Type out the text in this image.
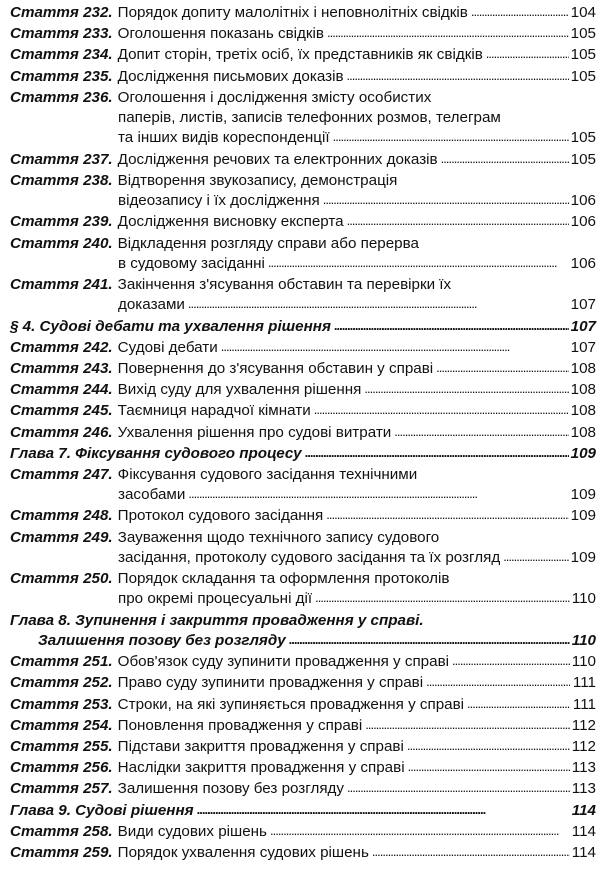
Стаття 232. Порядок допиту малолітніх і неповнолітніх свідків . . .	104
Стаття 233. Оголошення показань свідків . . .	105
Стаття 234. Допит сторін, третіх осіб, їх представників як свідків . . .	105
Стаття 235. Дослідження письмових доказів . . .	105
Стаття 236. Оголошення і дослідження змісту особистих
паперів, листів, записів телефонних розмов, телеграм
та інших видів кореспонденції . . .	105
Стаття 237. Дослідження речових та електронних доказів . . .	105
Стаття 238. Відтворення звукозапису, демонстрація
відеозапису і їх дослідження . . .	106
Стаття 239. Дослідження висновку експерта . . .	106
Стаття 240. Відкладення розгляду справи або перерва
в судовому засіданні . . .	106
Стаття 241. Закінчення з'ясування обставин та перевірки їх
доказами . . .	107
§ 4. Судові дебати та ухвалення рішення . . .	107
Стаття 242. Судові дебати . . .	107
Стаття 243. Повернення до з'ясування обставин у справі . . .	108
Стаття 244. Вихід суду для ухвалення рішення . . .	108
Стаття 245. Таємниця нарадчої кімнати . . .	108
Стаття 246. Ухвалення рішення про судові витрати . . .	108
Глава 7. Фіксування судового процесу . . .	109
Стаття 247. Фіксування судового засідання технічними
засобами . . .	109
Стаття 248. Протокол судового засідання . . .	109
Стаття 249. Зауваження щодо технічного запису судового
засідання, протоколу судового засідання та їх розгляд . . .	109
Стаття 250. Порядок складання та оформлення протоколів
про окремі процесуальні дії . . .	110
Глава 8. Зупинення і закриття провадження у справі.
Залишення позову без розгляду . . .	110
Стаття 251. Обов'язок суду зупинити провадження у справі . . .	110
Стаття 252. Право суду зупинити провадження у справі . . .	111
Стаття 253. Строки, на які зупиняється провадження у справі . . .	111
Стаття 254. Поновлення провадження у справі . . .	112
Стаття 255. Підстави закриття провадження у справі . . .	112
Стаття 256. Наслідки закриття провадження у справі . . .	113
Стаття 257. Залишення позову без розгляду . . .	113
Глава 9. Судові рішення . . .	114
Стаття 258. Види судових рішень . . .	114
Стаття 259. Порядок ухвалення судових рішень . . .	114
